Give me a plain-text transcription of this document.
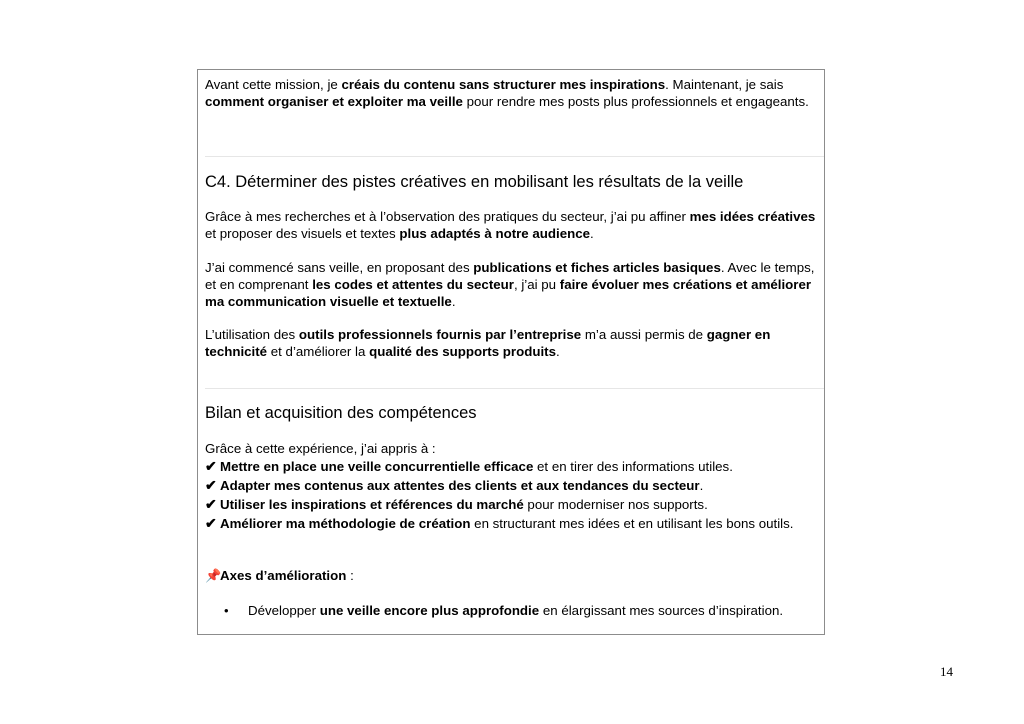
Avant cette mission, je créais du contenu sans structurer mes inspirations. Maintenant, je sais comment organiser et exploiter ma veille pour rendre mes posts plus professionnels et engageants.

C4. Déterminer des pistes créatives en mobilisant les résultats de la veille

Grâce à mes recherches et à l’observation des pratiques du secteur, j’ai pu affiner mes idées créatives et proposer des visuels et textes plus adaptés à notre audience.

J’ai commencé sans veille, en proposant des publications et fiches articles basiques. Avec le temps, et en comprenant les codes et attentes du secteur, j’ai pu faire évoluer mes créations et améliorer ma communication visuelle et textuelle.

L’utilisation des outils professionnels fournis par l’entreprise m’a aussi permis de gagner en technicité et d’améliorer la qualité des supports produits.

Bilan et acquisition des compétences

Grâce à cette expérience, j’ai appris à :

✔ Mettre en place une veille concurrentielle efficace et en tirer des informations utiles.
✔ Adapter mes contenus aux attentes des clients et aux tendances du secteur.
✔ Utiliser les inspirations et références du marché pour moderniser nos supports.
✔ Améliorer ma méthodologie de création en structurant mes idées et en utilisant les bons outils.
📌Axes d’amélioration :
• Développer une veille encore plus approfondie en élargissant mes sources d’inspiration.
14
